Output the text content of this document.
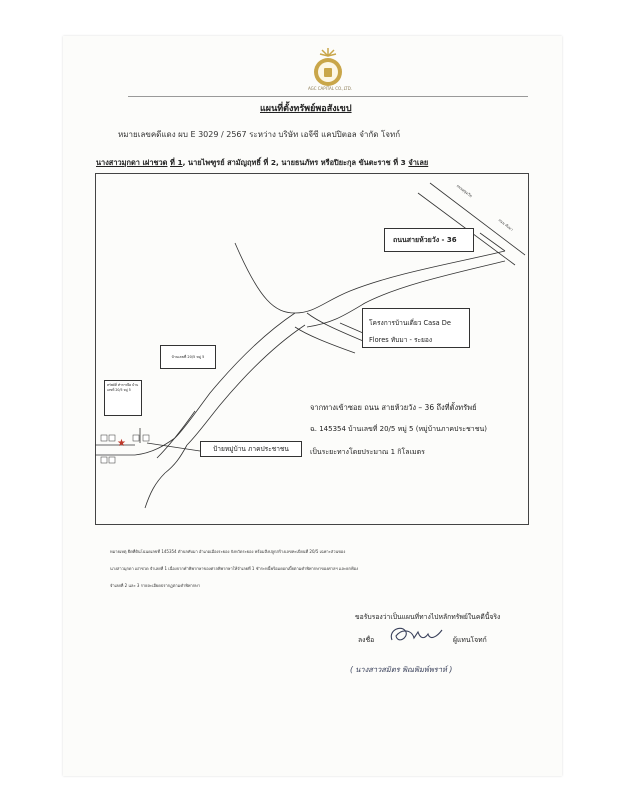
AGC CAPITAL CO.,LTD.
แผนที่ตั้งทรัพย์พอสังเขป
หมายเลขคดีแดง ผบ E 3029 / 2567 ระหว่าง บริษัท เอจีซี แคปปิตอล จำกัด โจทก์
นางสาวมุกดา เผ่าชวด ที่ 1, นายไพฑูรย์ สามัญฤทธิ์ ที่ 2, นายธนภัทร หรือปิยะกุล ขันตะราช ที่ 3 จำเลย
★
ถนนสายห้วยวัง - 36
โครงการบ้านเดี่ยว Casa De
Flores ทับมา - ระยอง
บ้านเลขที่ 20/5 หมู่ 5
ทรัพย์ที่ ทำการยึด บ้านเลขที่ 20/5 หมู่ 5
ป้ายหมู่บ้าน ภาคประชาชน
ถนนสุขุมวิท
ถนน ทับมา
จากทางเข้าซอย ถนน สายห้วยวัง – 36 ถึงที่ตั้งทรัพย์
ฉ. 145354 บ้านเลขที่ 20/5 หมู่ 5 (หมู่บ้านภาคประชาชน)
เป็นระยะทางโดยประมาณ 1 กิโลเมตร
หมายเหตุ ยึดที่ดินโฉนดเลขที่ 145354 ตำบลทับมา อำเภอเมืองระยอง จังหวัดระยอง พร้อมสิ่งปลูกสร้างเลขทะเบียนที่ 20/5 เฉพาะส่วนของ
นางสาวมุกดา เผ่าชวด จำเลยที่ 1 เนื่องจากคำพิพากษาของศาลพิพากษาให้จำเลยที่ 1 ชำระหนี้พร้อมดอกเบี้ยตามคำพิพากษาของศาลฯ และยกฟ้อง
จำเลยที่ 2 และ 3 รายละเอียดปรากฏตามคำพิพากษา
ขอรับรองว่าเป็นแผนที่ทางไปหลักทรัพย์ในคดีนี้จริง
ลงชื่อ	ผู้แทนโจทก์
( นางสาวสมิตร พิณพิมพ์พราห์ )
